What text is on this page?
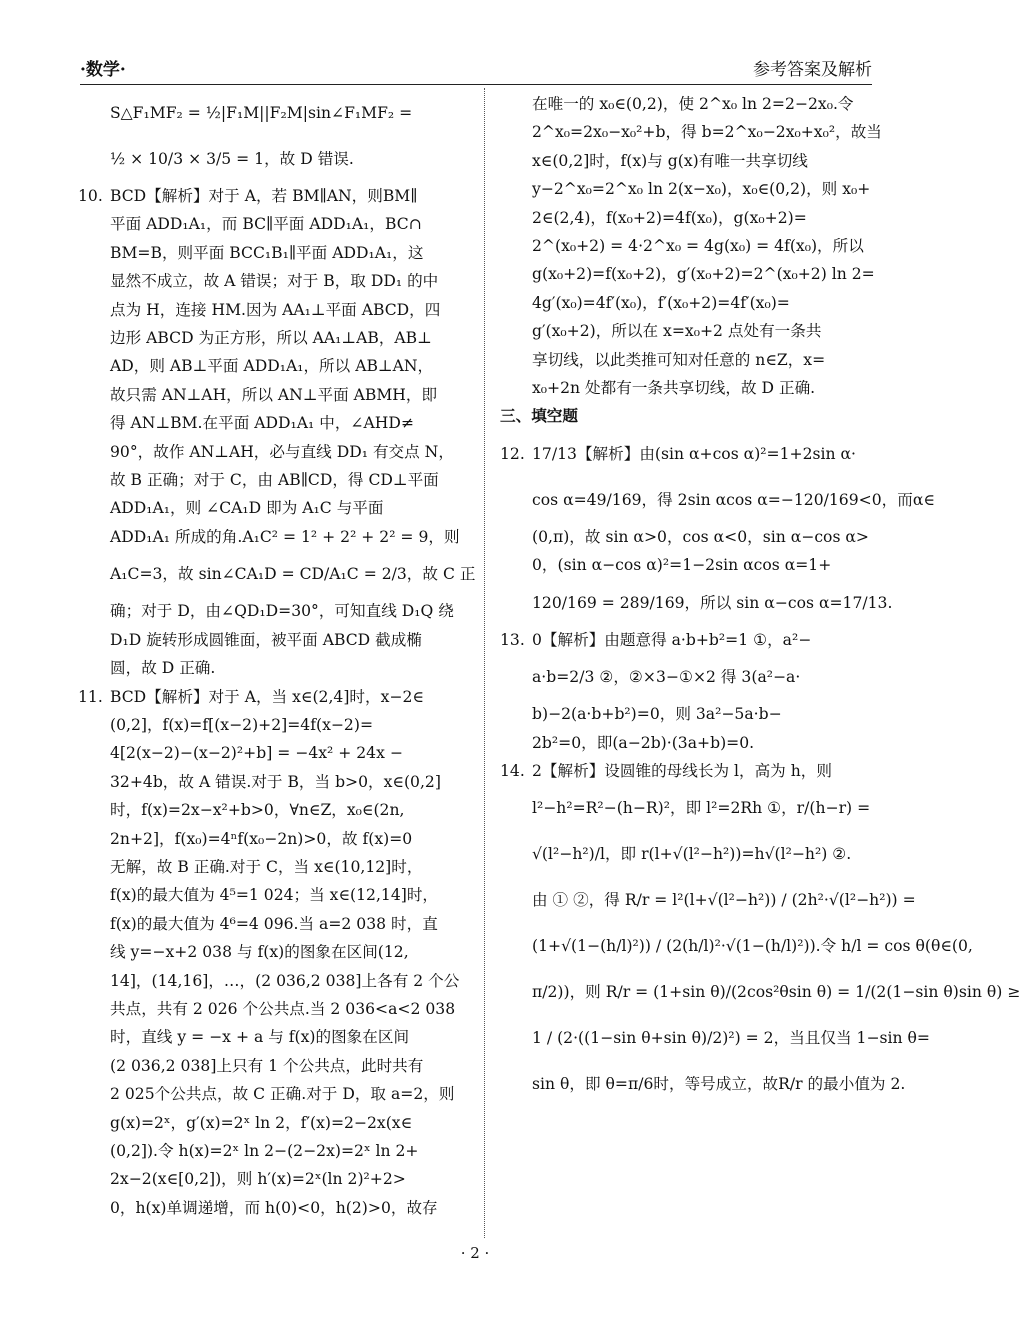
·数学·	参考答案及解析
S△F₁MF₂ = ½|F₁M||F₂M|sin∠F₁MF₂ =
½ × 10/3 × 3/5 = 1，故 D 错误.
10. BCD【解析】对于 A，若 BM∥AN，则BM∥
平面 ADD₁A₁，而 BC∥平面 ADD₁A₁，BC∩
BM=B，则平面 BCC₁B₁∥平面 ADD₁A₁，这
显然不成立，故 A 错误；对于 B，取 DD₁ 的中
点为 H，连接 HM.因为 AA₁⊥平面 ABCD，四
边形 ABCD 为正方形，所以 AA₁⊥AB，AB⊥
AD，则 AB⊥平面 ADD₁A₁，所以 AB⊥AN，
故只需 AN⊥AH，所以 AN⊥平面 ABMH，即
得 AN⊥BM.在平面 ADD₁A₁ 中，∠AHD≠
90°，故作 AN⊥AH，必与直线 DD₁ 有交点 N，
故 B 正确；对于 C，由 AB∥CD，得 CD⊥平面
ADD₁A₁，则 ∠CA₁D 即为 A₁C 与平面
ADD₁A₁ 所成的角.A₁C² = 1² + 2² + 2² = 9，则
A₁C=3，故 sin∠CA₁D = CD/A₁C = 2/3，故 C 正
确；对于 D，由∠QD₁D=30°，可知直线 D₁Q 绕
D₁D 旋转形成圆锥面，被平面 ABCD 截成椭
圆，故 D 正确.
11. BCD【解析】对于 A，当 x∈(2,4]时，x−2∈
(0,2]，f(x)=f[(x−2)+2]=4f(x−2)=
4[2(x−2)−(x−2)²+b] = −4x² + 24x −
32+4b，故 A 错误.对于 B，当 b>0，x∈(0,2]
时，f(x)=2x−x²+b>0，∀n∈Z，x₀∈(2n,
2n+2]，f(x₀)=4ⁿf(x₀−2n)>0，故 f(x)=0
无解，故 B 正确.对于 C，当 x∈(10,12]时，
f(x)的最大值为 4⁵=1 024；当 x∈(12,14]时，
f(x)的最大值为 4⁶=4 096.当 a=2 038 时，直
线 y=−x+2 038 与 f(x)的图象在区间(12,
14]，(14,16]，…，(2 036,2 038]上各有 2 个公
共点，共有 2 026 个公共点.当 2 036<a<2 038
时，直线 y = −x + a 与 f(x)的图象在区间
(2 036,2 038]上只有 1 个公共点，此时共有
2 025个公共点，故 C 正确.对于 D，取 a=2，则
g(x)=2ˣ，g′(x)=2ˣ ln 2，f′(x)=2−2x(x∈
(0,2]).令 h(x)=2ˣ ln 2−(2−2x)=2ˣ ln 2+
2x−2(x∈[0,2])，则 h′(x)=2ˣ(ln 2)²+2>
0，h(x)单调递增，而 h(0)<0，h(2)>0，故存
在唯一的 x₀∈(0,2)，使 2^x₀ ln 2=2−2x₀.令
2^x₀=2x₀−x₀²+b，得 b=2^x₀−2x₀+x₀²，故当
x∈(0,2]时，f(x)与 g(x)有唯一共享切线
y−2^x₀=2^x₀ ln 2(x−x₀)，x₀∈(0,2)，则 x₀+
2∈(2,4)，f(x₀+2)=4f(x₀)，g(x₀+2)=
2^(x₀+2) = 4·2^x₀ = 4g(x₀) = 4f(x₀)，所以
g(x₀+2)=f(x₀+2)，g′(x₀+2)=2^(x₀+2) ln 2=
4g′(x₀)=4f′(x₀)，f′(x₀+2)=4f′(x₀)=
g′(x₀+2)，所以在 x=x₀+2 点处有一条共
享切线，以此类推可知对任意的 n∈Z，x=
x₀+2n 处都有一条共享切线，故 D 正确.
三、填空题
12. 17/13【解析】由(sin α+cos α)²=1+2sin α·
cos α=49/169，得 2sin αcos α=−120/169<0，而α∈
(0,π)，故 sin α>0，cos α<0，sin α−cos α>
0，(sin α−cos α)²=1−2sin αcos α=1+
120/169 = 289/169，所以 sin α−cos α=17/13.
13. 0【解析】由题意得 a·b+b²=1 ①，a²−
a·b=2/3 ②，②×3−①×2 得 3(a²−a·
b)−2(a·b+b²)=0，则 3a²−5a·b−
2b²=0，即(a−2b)·(3a+b)=0.
14. 2【解析】设圆锥的母线长为 l，高为 h，则
l²−h²=R²−(h−R)²，即 l²=2Rh ①，r/(h−r) =
√(l²−h²)/l，即 r(l+√(l²−h²))=h√(l²−h²) ②.
由 ① ②，得 R/r = l²(l+√(l²−h²)) / (2h²·√(l²−h²)) =
(1+√(1−(h/l)²)) / (2(h/l)²·√(1−(h/l)²)).令 h/l = cos θ(θ∈(0,
π/2))，则 R/r = (1+sin θ)/(2cos²θsin θ) = 1/(2(1−sin θ)sin θ) ≥
1 / (2·((1−sin θ+sin θ)/2)²) = 2，当且仅当 1−sin θ=
sin θ，即 θ=π/6时，等号成立，故R/r 的最小值为 2.
· 2 ·
